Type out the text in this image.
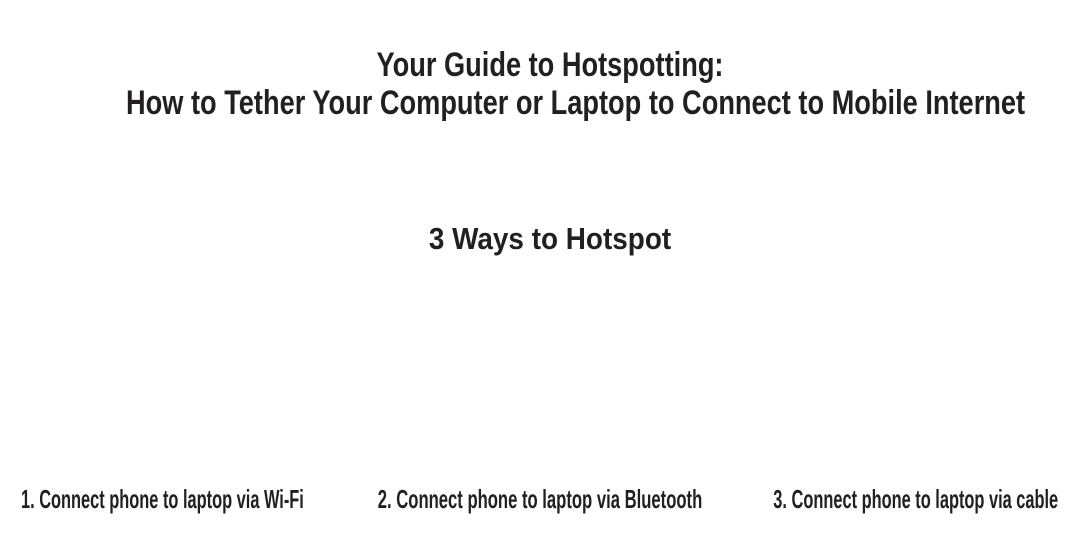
Your Guide to Hotspotting:
How to Tether Your Computer or Laptop to Connect to Mobile Internet
3 Ways to Hotspot
1. Connect phone to laptop via Wi-Fi	2. Connect phone to laptop via Bluetooth	3. Connect phone to laptop via cable
